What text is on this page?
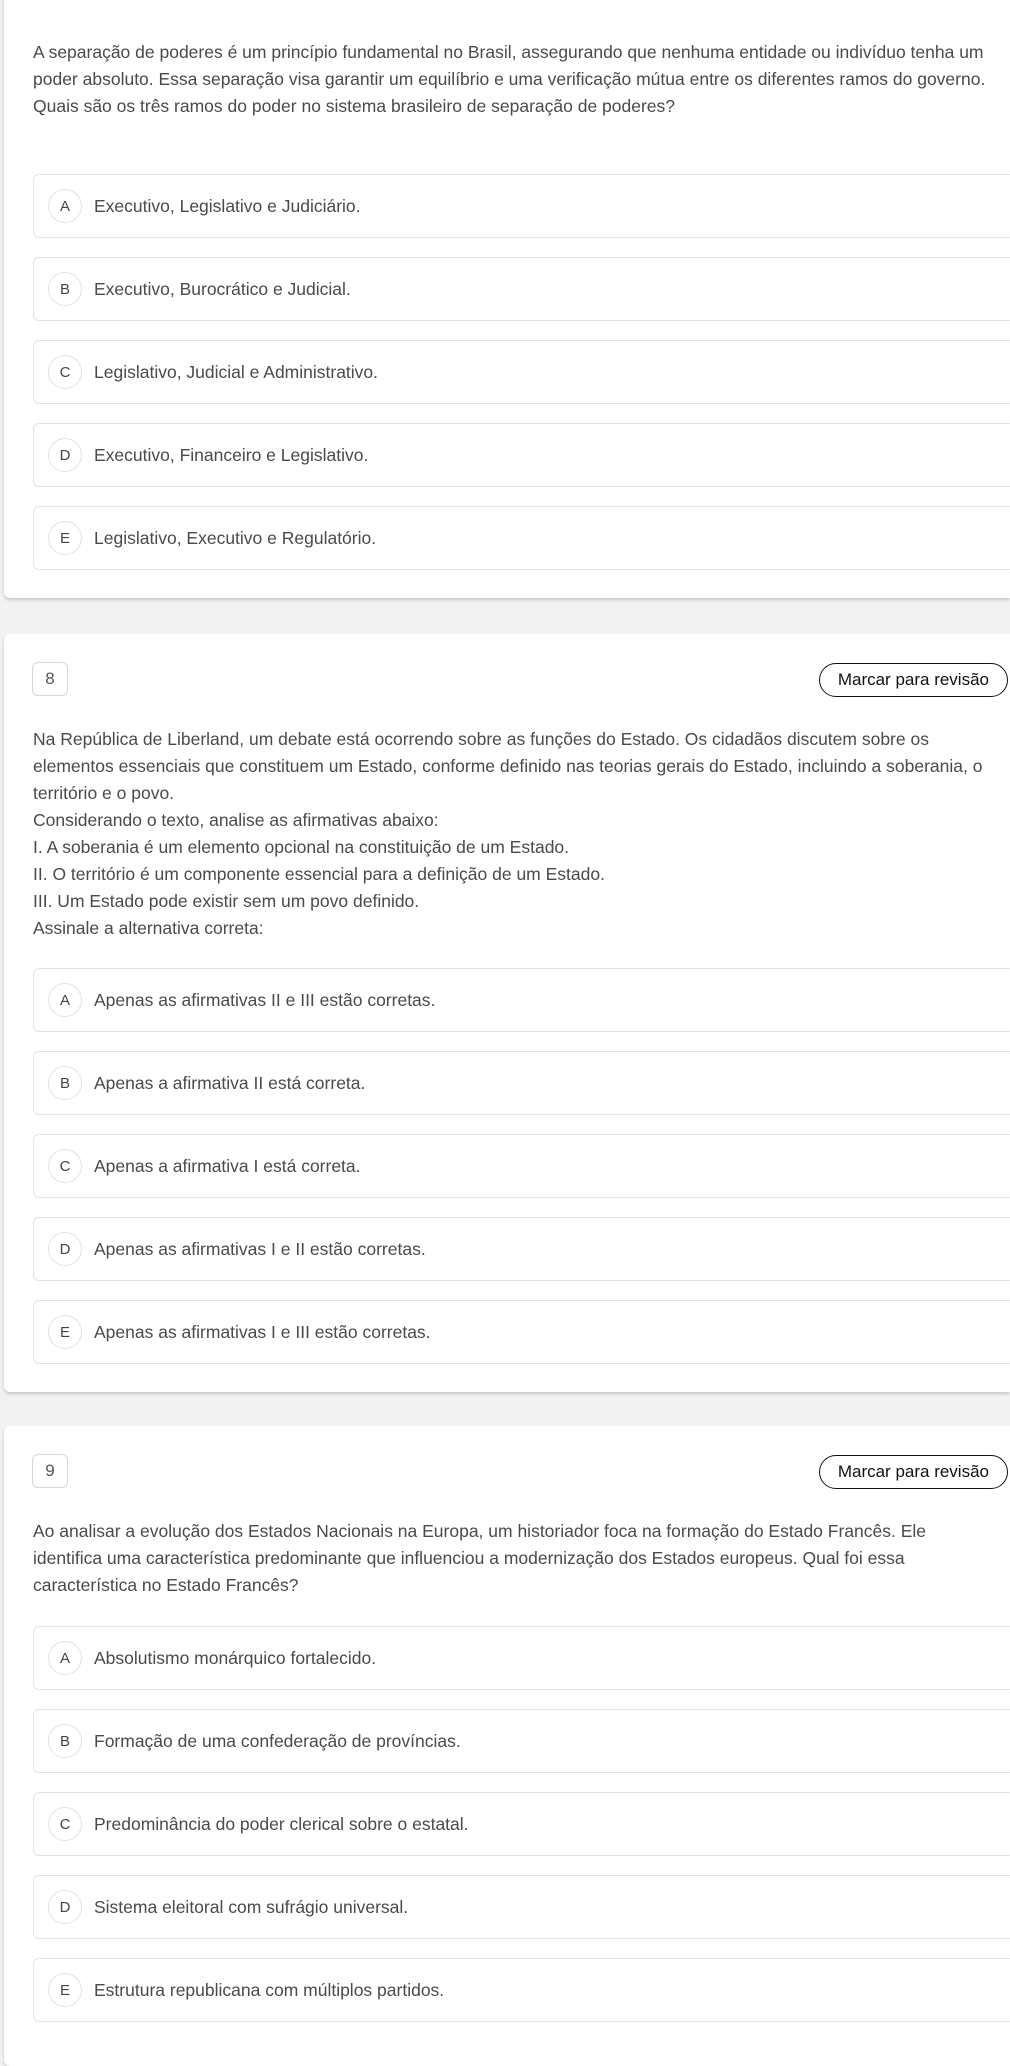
A separação de poderes é um princípio fundamental no Brasil, assegurando que nenhuma entidade ou indivíduo tenha um poder absoluto. Essa separação visa garantir um equilíbrio e uma verificação mútua entre os diferentes ramos do governo.

Quais são os três ramos do poder no sistema brasileiro de separação de poderes?

A	Executivo, Legislativo e Judiciário.
B	Executivo, Burocrático e Judicial.
C	Legislativo, Judicial e Administrativo.
D	Executivo, Financeiro e Legislativo.
E	Legislativo, Executivo e Regulatório.
8	Marcar para revisão

Na República de Liberland, um debate está ocorrendo sobre as funções do Estado. Os cidadãos discutem sobre os elementos essenciais que constituem um Estado, conforme definido nas teorias gerais do Estado, incluindo a soberania, o território e o povo.

Considerando o texto, analise as afirmativas abaixo:

I. A soberania é um elemento opcional na constituição de um Estado.

II. O território é um componente essencial para a definição de um Estado.

III. Um Estado pode existir sem um povo definido.

Assinale a alternativa correta:

A	Apenas as afirmativas II e III estão corretas.
B	Apenas a afirmativa II está correta.
C	Apenas a afirmativa I está correta.
D	Apenas as afirmativas I e II estão corretas.
E	Apenas as afirmativas I e III estão corretas.
9	Marcar para revisão

Ao analisar a evolução dos Estados Nacionais na Europa, um historiador foca na formação do Estado Francês. Ele identifica uma característica predominante que influenciou a modernização dos Estados europeus. Qual foi essa característica no Estado Francês?

A	Absolutismo monárquico fortalecido.
B	Formação de uma confederação de províncias.
C	Predominância do poder clerical sobre o estatal.
D	Sistema eleitoral com sufrágio universal.
E	Estrutura republicana com múltiplos partidos.
